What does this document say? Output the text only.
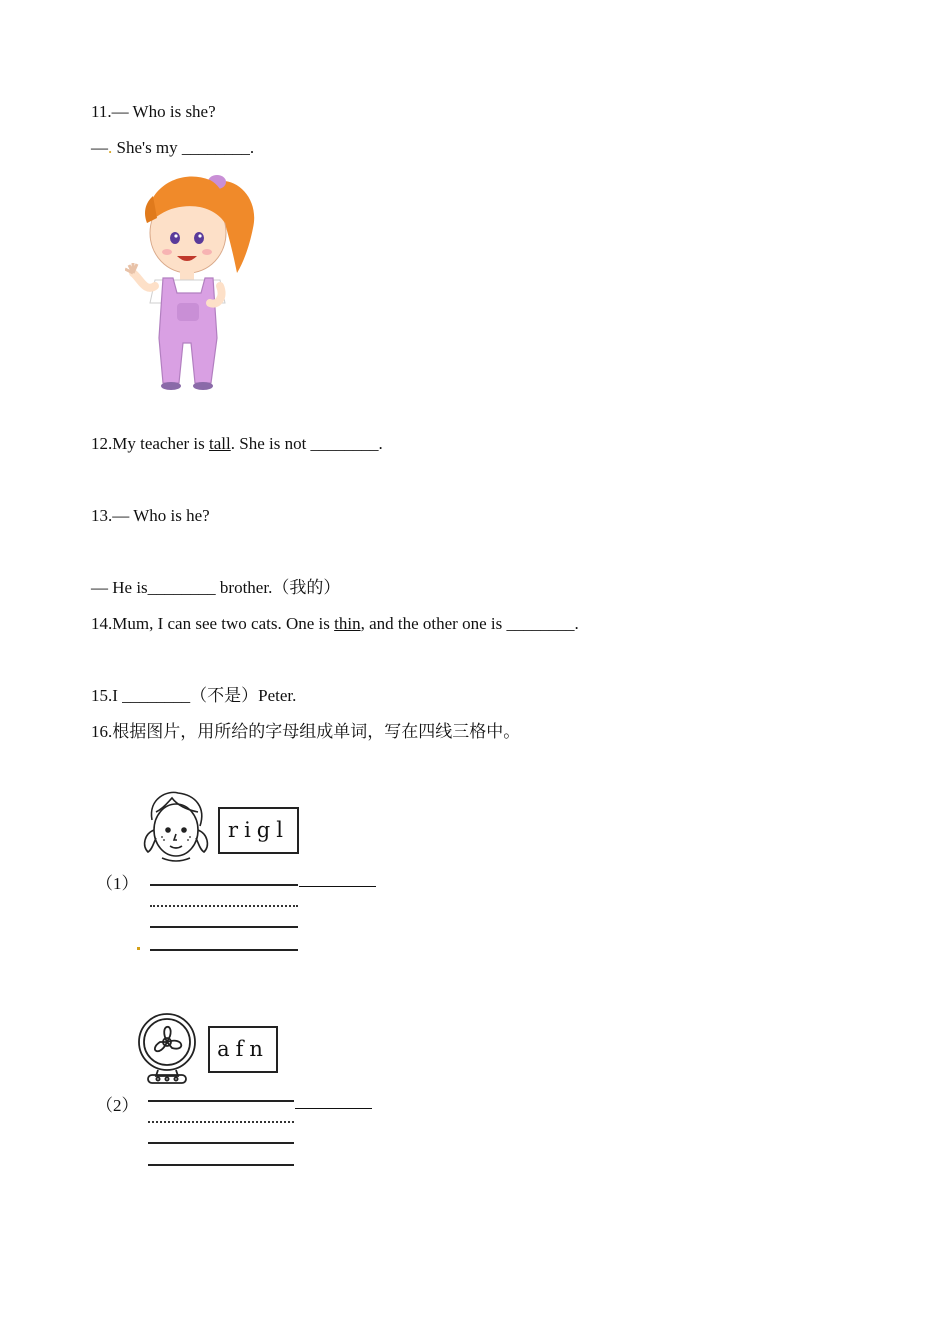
11.— Who is she?
—. She's my ________.
12.My teacher is tall. She is not ________.
13.— Who is he?
— He is________ brother.（我的）
14.Mum, I can see two cats. One is thin, and the other one is ________.
15.I ________（不是）Peter.
16.根据图片，用所给的字母组成单词，写在四线三格中。
rigl
（1）
afn
（2）
